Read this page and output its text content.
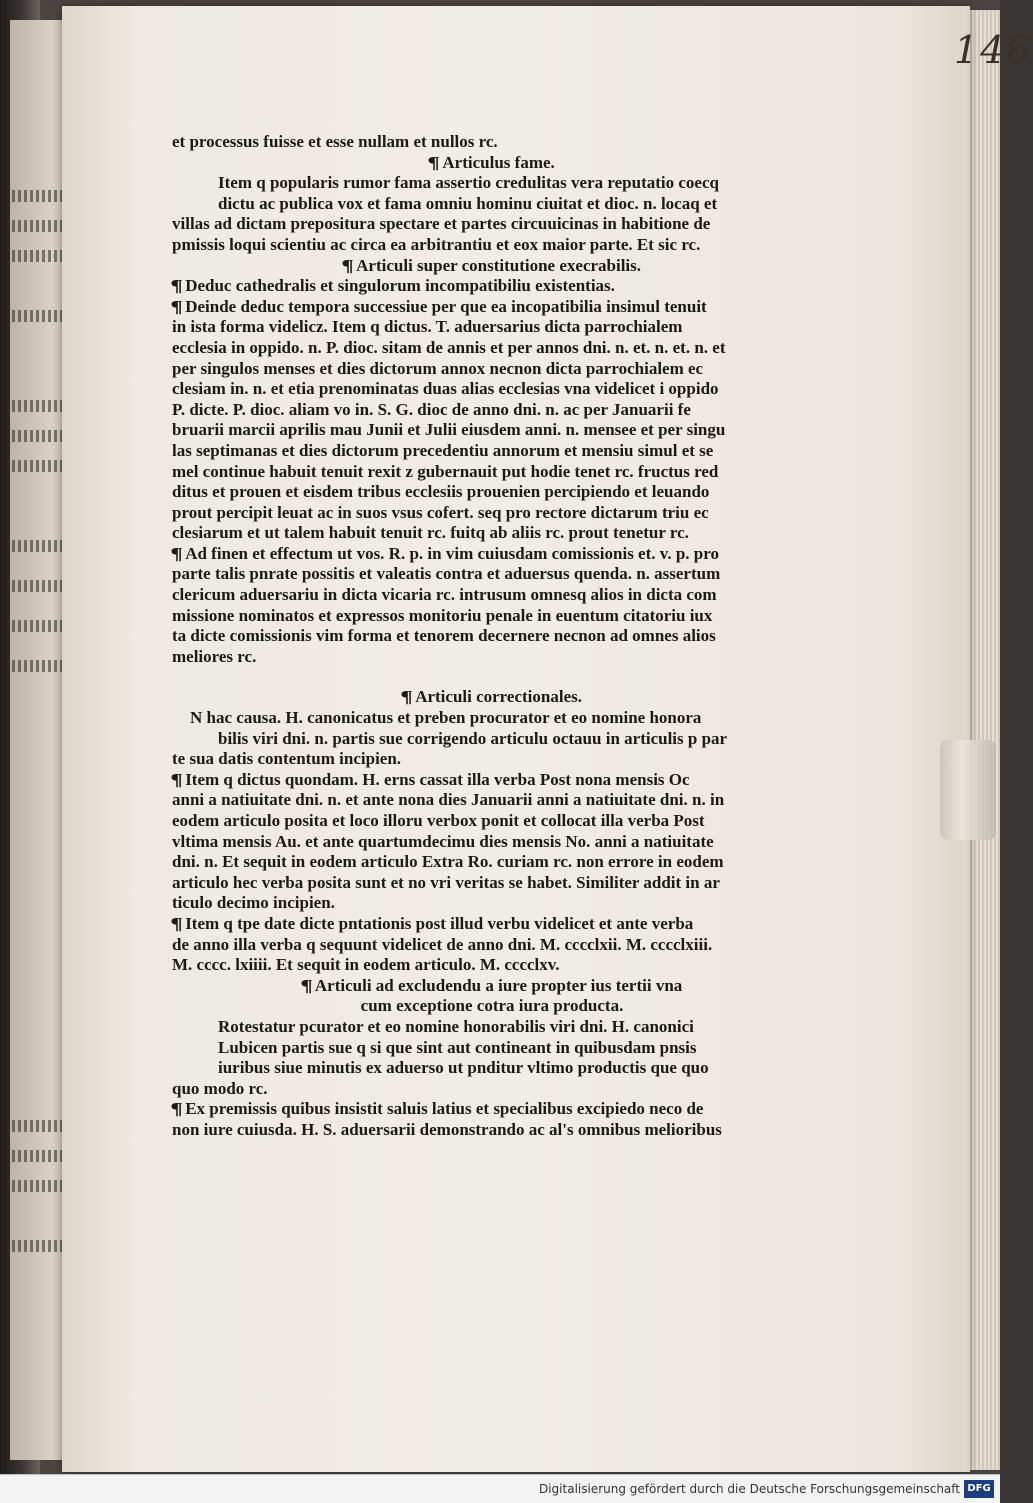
146
et processus fuisse et esse nullam et nullos rc.
¶ Articulus fame.
Item q popularis rumor fama assertio credulitas vera reputatio coecq
dictu ac publica vox et fama omniu hominu ciuitat et dioc. n. locaq et
villas ad dictam prepositura spectare et partes circuuicinas in habitione de
pmissis loqui scientiu ac circa ea arbitrantiu et eox maior parte. Et sic rc.
¶ Articuli super constitutione execrabilis.
¶ Deduc cathedralis et singulorum incompatibiliu existentias.
¶ Deinde deduc tempora successiue per que ea incopatibilia insimul tenuit
in ista forma videlicz. Item q dictus. T. aduersarius dicta parrochialem
ecclesia in oppido. n. P. dioc. sitam de annis et per annos dni. n. et. n. et. n. et
per singulos menses et dies dictorum annox necnon dicta parrochialem ec
clesiam in. n. et etia prenominatas duas alias ecclesias vna videlicet i oppido
P. dicte. P. dioc. aliam vo in. S. G. dioc de anno dni. n. ac per Januarii fe
bruarii marcii aprilis mau Junii et Julii eiusdem anni. n. mensee et per singu
las septimanas et dies dictorum precedentiu annorum et mensiu simul et se
mel continue habuit tenuit rexit z gubernauit put hodie tenet rc. fructus red
ditus et prouen et eisdem tribus ecclesiis prouenien percipiendo et leuando
prout percipit leuat ac in suos vsus cofert. seq pro rectore dictarum triu ec
clesiarum et ut talem habuit tenuit rc. fuitq ab aliis rc. prout tenetur rc.
¶ Ad finen et effectum ut vos. R. p. in vim cuiusdam comissionis et. v. p. pro
parte talis pnrate possitis et valeatis contra et aduersus quenda. n. assertum
clericum aduersariu in dicta vicaria rc. intrusum omnesq alios in dicta com
missione nominatos et expressos monitoriu penale in euentum citatoriu iux
ta dicte comissionis vim forma et tenorem decernere necnon ad omnes alios
meliores rc.
¶ Articuli correctionales.
N hac causa. H. canonicatus et preben procurator et eo nomine honora
bilis viri dni. n. partis sue corrigendo articulu octauu in articulis p par
te sua datis contentum incipien.
¶ Item q dictus quondam. H. erns cassat illa verba Post nona mensis Oc
anni a natiuitate dni. n. et ante nona dies Januarii anni a natiuitate dni. n. in
eodem articulo posita et loco illoru verbox ponit et collocat illa verba Post
vltima mensis Au. et ante quartumdecimu dies mensis No. anni a natiuitate
dni. n. Et sequit in eodem articulo Extra Ro. curiam rc. non errore in eodem
articulo hec verba posita sunt et no vri veritas se habet. Similiter addit in ar
ticulo decimo incipien.
¶ Item q tpe date dicte pntationis post illud verbu videlicet et ante verba
de anno illa verba q sequunt videlicet de anno dni. M. cccclxii. M. cccclxiii.
M. cccc. lxiiii. Et sequit in eodem articulo. M. cccclxv.
¶ Articuli ad excludendu a iure propter ius tertii vna
cum exceptione cotra iura producta.
Rotestatur pcurator et eo nomine honorabilis viri dni. H. canonici
Lubicen partis sue q si que sint aut contineant in quibusdam pnsis
iuribus siue minutis ex aduerso ut pnditur vltimo productis que quo
quo modo rc.
¶ Ex premissis quibus insistit saluis latius et specialibus excipiedo neco de
non iure cuiusda. H. S. aduersarii demonstrando ac al's omnibus melioribus
Digitalisierung gefördert durch die Deutsche Forschungsgemeinschaft DFG
